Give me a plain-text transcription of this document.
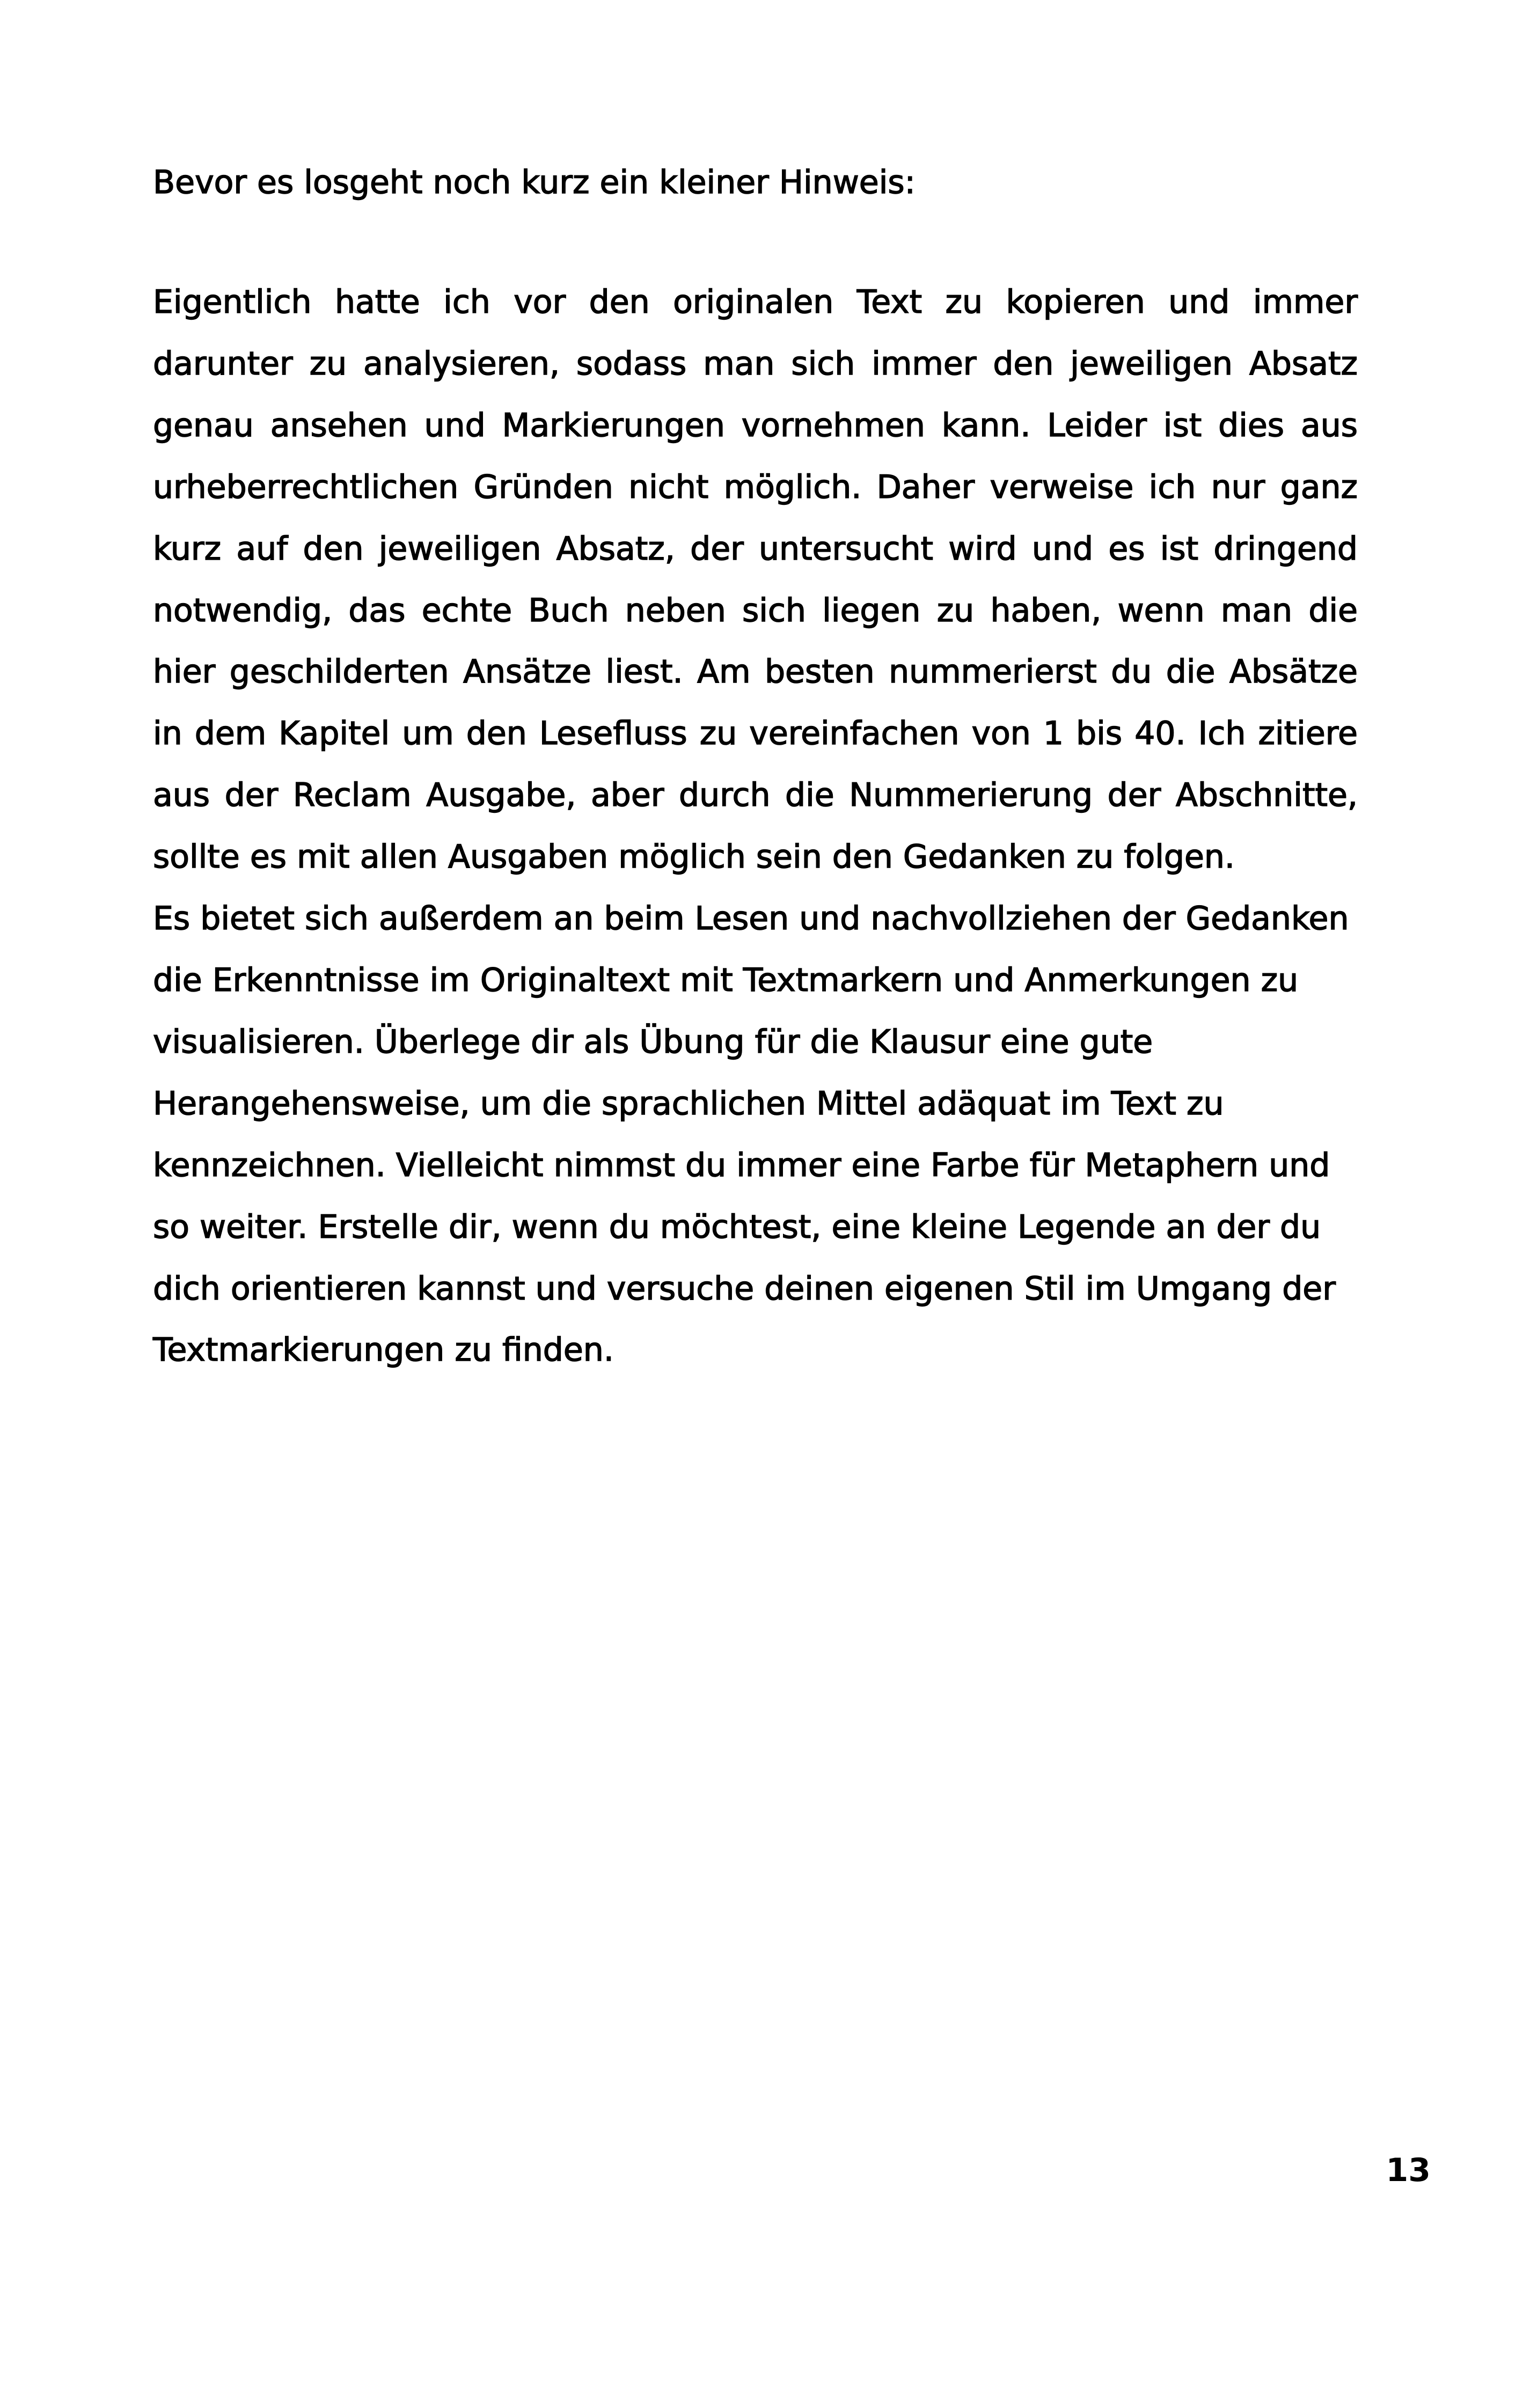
Bevor es losgeht noch kurz ein kleiner Hinweis:

Eigentlich hatte ich vor den originalen Text zu kopieren und immer darunter zu analysieren, sodass man sich immer den jeweiligen Absatz genau ansehen und Markierungen vornehmen kann. Leider ist dies aus urheberrechtlichen Gründen nicht möglich. Daher verweise ich nur ganz kurz auf den jeweiligen Absatz, der untersucht wird und es ist dringend notwendig, das echte Buch neben sich liegen zu haben, wenn man die hier geschilderten Ansätze liest. Am besten nummerierst du die Absätze in dem Kapitel um den Lesefluss zu vereinfachen von 1 bis 40. Ich zitiere aus der Reclam Ausgabe, aber durch die Nummerierung der Abschnitte, sollte es mit allen Ausgaben möglich sein den Gedanken zu folgen.

Es bietet sich außerdem an beim Lesen und nachvollziehen der Gedanken die Erkenntnisse im Originaltext mit Textmarkern und Anmerkungen zu visualisieren. Überlege dir als Übung für die Klausur eine gute Herangehensweise, um die sprachlichen Mittel adäquat im Text zu kennzeichnen. Vielleicht nimmst du immer eine Farbe für Metaphern und so weiter. Erstelle dir, wenn du möchtest, eine kleine Legende an der du dich orientieren kannst und versuche deinen eigenen Stil im Umgang der Textmarkierungen zu finden.

13
